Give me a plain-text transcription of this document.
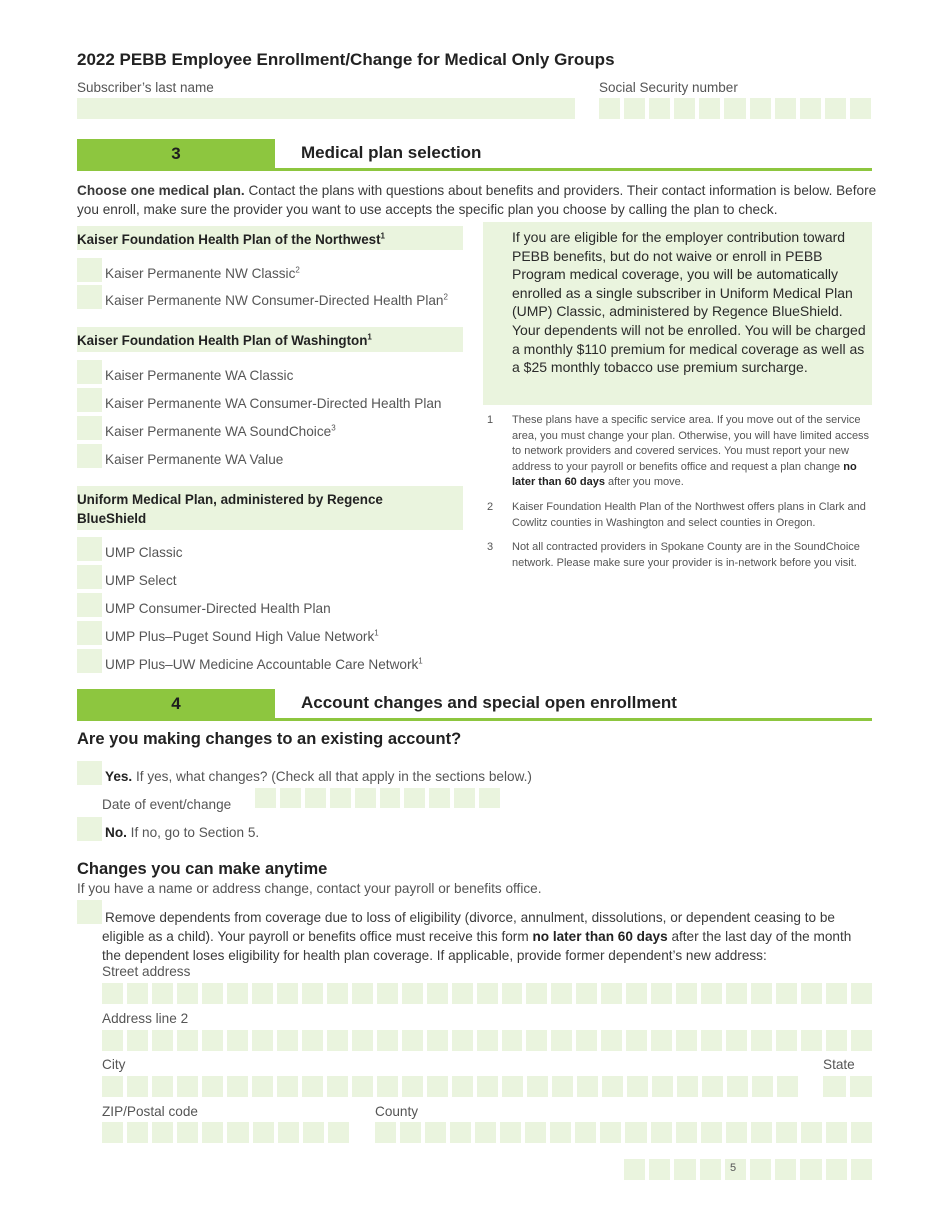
2022 PEBB Employee Enrollment/Change for Medical Only Groups
Subscriber’s last name	Social Security number
3	Medical plan selection
Choose one medical plan. Contact the plans with questions about benefits and providers. Their contact information is below. Before you enroll, make sure the provider you want to use accepts the specific plan you choose by calling the plan to check.
Kaiser Foundation Health Plan of the Northwest$^1$
Kaiser Permanente NW Classic$^2$
Kaiser Permanente NW Consumer-Directed Health Plan$^2$
Kaiser Foundation Health Plan of Washington$^1$
Kaiser Permanente WA Classic
Kaiser Permanente WA Consumer-Directed Health Plan
Kaiser Permanente WA SoundChoice$^3$
Kaiser Permanente WA Value
Uniform Medical Plan, administered by Regence
BlueShield
UMP Classic
UMP Select
UMP Consumer-Directed Health Plan
UMP Plus–Puget Sound High Value Network$^1$
UMP Plus–UW Medicine Accountable Care Network$^1$
If you are eligible for the employer contribution toward PEBB benefits, but do not waive or enroll in PEBB Program medical coverage, you will be automatically enrolled as a single subscriber in Uniform Medical Plan (UMP) Classic, administered by Regence BlueShield. Your dependents will not be enrolled. You will be charged a monthly $110 premium for medical coverage as well as a $25 monthly tobacco use premium surcharge.
1	These plans have a specific service area. If you move out of the service area, you must change your plan. Otherwise, you will have limited access to network providers and covered services. You must report your new address to your payroll or benefits office and request a plan change no later than 60 days after you move.
2	Kaiser Foundation Health Plan of the Northwest offers plans in Clark and Cowlitz counties in Washington and select counties in Oregon.
3	Not all contracted providers in Spokane County are in the SoundChoice network. Please make sure your provider is in-network before you visit.
4	Account changes and special open enrollment
Are you making changes to an existing account?
Yes. If yes, what changes? (Check all that apply in the sections below.)
Date of event/change
No. If no, go to Section 5.
Changes you can make anytime
If you have a name or address change, contact your payroll or benefits office.
Remove dependents from coverage due to loss of eligibility (divorce, annulment, dissolutions, or dependent ceasing to be eligible as a child). Your payroll or benefits office must receive this form no later than 60 days after the last day of the month the dependent loses eligibility for health plan coverage. If applicable, provide former dependent’s new address:
Street address
Address line 2
City	State
ZIP/Postal code	County
5
